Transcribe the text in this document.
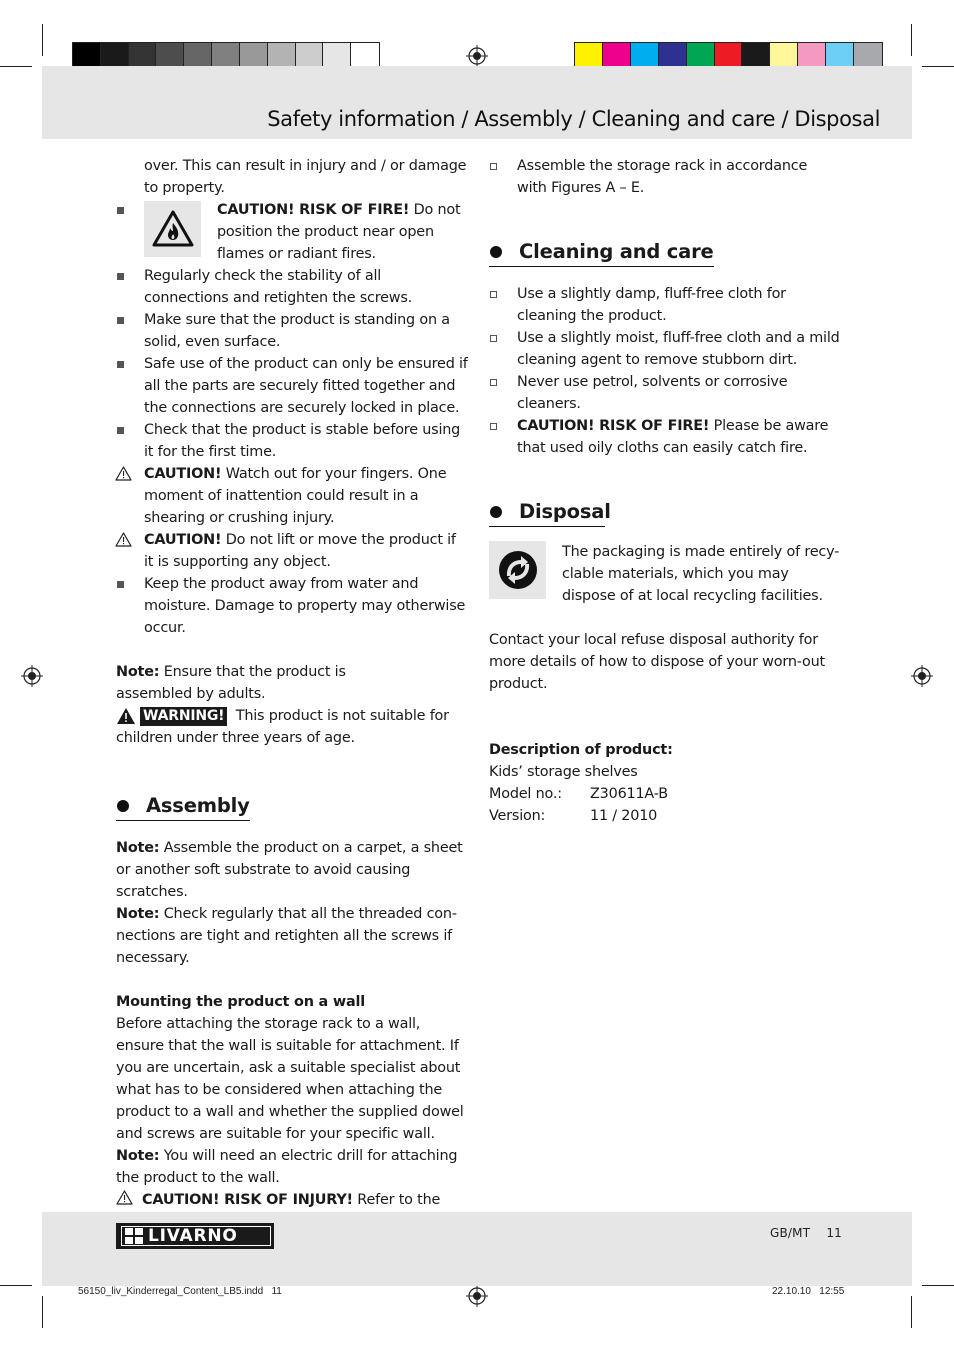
Safety information / Assembly / Cleaning and care / Disposal
over. This can result in injury and / or damage to property.
CAUTION! RISK OF FIRE! Do not position the product near open flames or radiant fires.
Regularly check the stability of all connections and retighten the screws.
Make sure that the product is standing on a solid, even surface.
Safe use of the product can only be ensured if all the parts are securely fitted together and the connections are securely locked in place.
Check that the product is stable before using it for the first time.
CAUTION! Watch out for your fingers. One moment of inattention could result in a shearing or crushing injury.
CAUTION! Do not lift or move the product if it is supporting any object.
Keep the product away from water and moisture. Damage to property may otherwise occur.
Note: Ensure that the product is assembled by adults.
WARNING! This product is not suitable for children under three years of age.
Assembly
Note: Assemble the product on a carpet, a sheet or another soft substrate to avoid causing scratches.
Note: Check regularly that all the threaded con-nections are tight and retighten all the screws if necessary.
Mounting the product on a wall
Before attaching the storage rack to a wall, ensure that the wall is suitable for attachment. If you are uncertain, ask a suitable specialist about what has to be considered when attaching the product to a wall and whether the supplied dowel and screws are suitable for your specific wall.
Note: You will need an electric drill for attaching the product to the wall.
CAUTION! RISK OF INJURY! Refer to the
Assemble the storage rack in accordance with Figures A – E.
Cleaning and care
Use a slightly damp, fluff-free cloth for cleaning the product.
Use a slightly moist, fluff-free cloth and a mild cleaning agent to remove stubborn dirt.
Never use petrol, solvents or corrosive cleaners.
CAUTION! RISK OF FIRE! Please be aware that used oily cloths can easily catch fire.
Disposal
The packaging is made entirely of recy-clable materials, which you may dispose of at local recycling facilities.
Contact your local refuse disposal authority for more details of how to dispose of your worn-out product.
Description of product:
Kids’ storage shelves
Model no.:	Z30611A-B
Version:	11 / 2010
LIVARNO	GB/MT    11
56150_liv_Kinderregal_Content_LB5.indd   11	22.10.10   12:55
